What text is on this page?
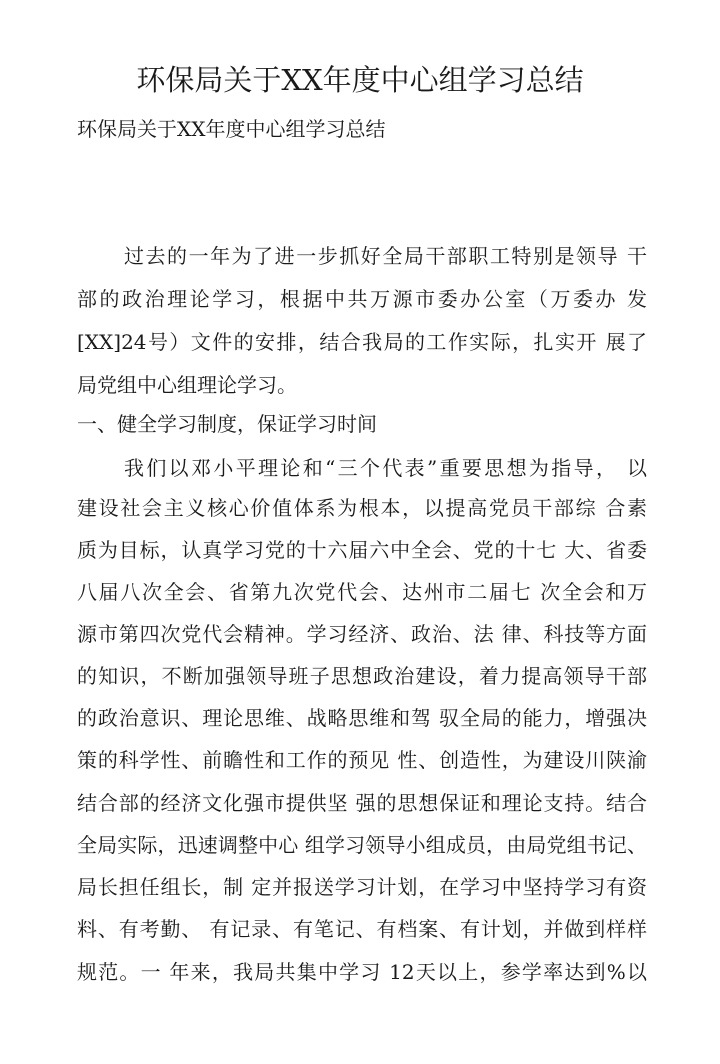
环保局关于XX年度中心组学习总结
环保局关于XX年度中心组学习总结
过去的一年为了进一步抓好全局干部职工特别是领导 干
部的政治理论学习，根据中共万源市委办公室（万委办 发
[XX]24号）文件的安排，结合我局的工作实际，扎实开 展了
局党组中心组理论学习。
一、健全学习制度，保证学习时间
我们以邓小平理论和“三个代表”重要思想为指导， 以
建设社会主义核心价值体系为根本，以提高党员干部综 合素
质为目标，认真学习党的十六届六中全会、党的十七 大、省委
八届八次全会、省第九次党代会、达州市二届七 次全会和万
源市第四次党代会精神。学习经济、政治、法 律、科技等方面
的知识，不断加强领导班子思想政治建设，着力提高领导干部
的政治意识、理论思维、战略思维和驾 驭全局的能力，增强决
策的科学性、前瞻性和工作的预见 性、创造性，为建设川陕渝
结合部的经济文化强市提供坚 强的思想保证和理论支持。结合
全局实际，迅速调整中心 组学习领导小组成员，由局党组书记、
局长担任组长，制 定并报送学习计划，在学习中坚持学习有资
料、有考勤、 有记录、有笔记、有档案、有计划，并做到样样
规范。一 年来，我局共集中学习 12天以上，参学率达到%以
